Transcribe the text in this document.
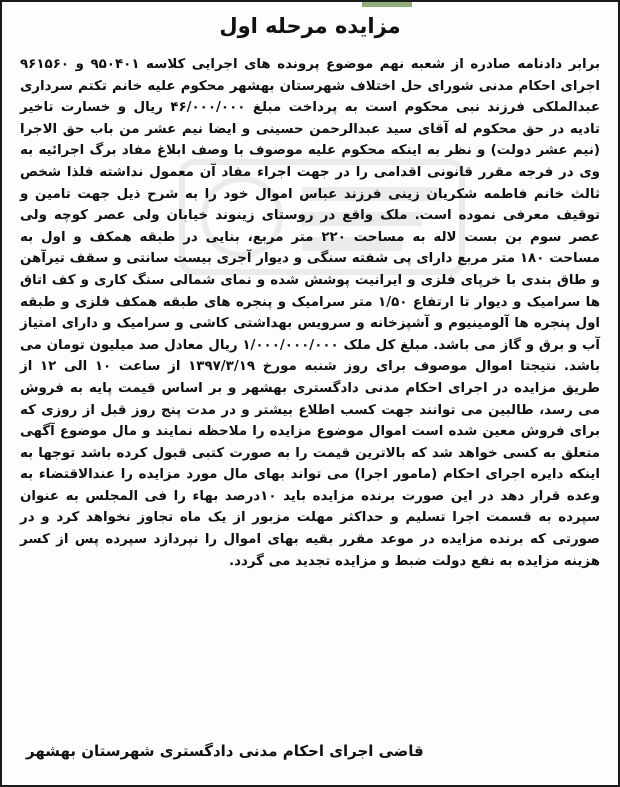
مزایده مرحله اول

برابر دادنامه صادره از شعبه نهم موضوع پرونده های اجرایی کلاسه ۹۵۰۴۰۱ و ۹۶۱۵۶۰ اجرای احکام مدنی شورای حل اختلاف شهرستان بهشهر محکوم علیه خانم تکتم سرداری عبدالملکی فرزند نبی محکوم است به پرداخت مبلغ ۴۶/۰۰۰/۰۰۰ ریال و خسارت تاخیر تادیه در حق محکوم له آقای سید عبدالرحمن حسینی و ایضا نیم عشر من باب حق الاجرا (نیم عشر دولت) و نظر به اینکه محکوم علیه موصوف با وصف ابلاغ مفاد برگ اجرائیه به وی در فرجه مقرر قانونی اقدامی را در جهت اجراء مفاد آن معمول نداشته فلذا شخص ثالث خانم فاطمه شکریان زینی فرزند عباس اموال خود را به شرح ذیل جهت تامین و توقیف معرفی نموده است. ملک واقع در روستای زینوند خیابان ولی عصر کوچه ولی عصر سوم بن بست لاله به مساحت ۲۲۰ متر مربع، بنایی در طبقه همکف و اول به مساحت ۱۸۰ متر مربع دارای پی شفته سنگی و دیوار آجری بیست سانتی و سقف تیرآهن و طاق بندی با خرپای فلزی و ایرانیت پوشش شده و نمای شمالی سنگ کاری و کف اتاق ها سرامیک و دیوار تا ارتفاع ۱/۵۰ متر سرامیک و پنجره های طبقه همکف فلزی و طبقه اول پنجره ها آلومینیوم و آشپزخانه و سرویس بهداشتی کاشی و سرامیک و دارای امتیاز آب و برق و گاز می باشد. مبلغ کل ملک ۱/۰۰۰/۰۰۰/۰۰۰ ریال معادل صد میلیون تومان می باشد. نتیجتا اموال موصوف برای روز شنبه مورخ ۱۳۹۷/۳/۱۹ از ساعت ۱۰ الی ۱۲ از طریق مزایده در اجرای احکام مدنی دادگستری بهشهر و بر اساس قیمت پایه به فروش می رسد، طالبین می توانند جهت کسب اطلاع بیشتر و در مدت پنج روز قبل از روزی که برای فروش معین شده است اموال موضوع مزایده را ملاحظه نمایند و مال موضوع آگهی متعلق به کسی خواهد شد که بالاترین قیمت را به صورت کتبی قبول کرده باشد توجها به اینکه دایره اجرای احکام (مامور اجرا) می تواند بهای مال مورد مزایده را عندالاقتضاء به وعده قرار دهد در این صورت برنده مزایده باید ۱۰درصد بهاء را فی المجلس به عنوان سپرده به قسمت اجرا تسلیم و حداکثر مهلت مزبور از یک ماه تجاوز نخواهد کرد و در صورتی که برنده مزایده در موعد مقرر بقیه بهای اموال را نپردازد سپرده پس از کسر هزینه مزایده به نفع دولت ضبط و مزایده تجدید می گردد.

قاضی اجرای احکام مدنی دادگستری شهرستان بهشهر
